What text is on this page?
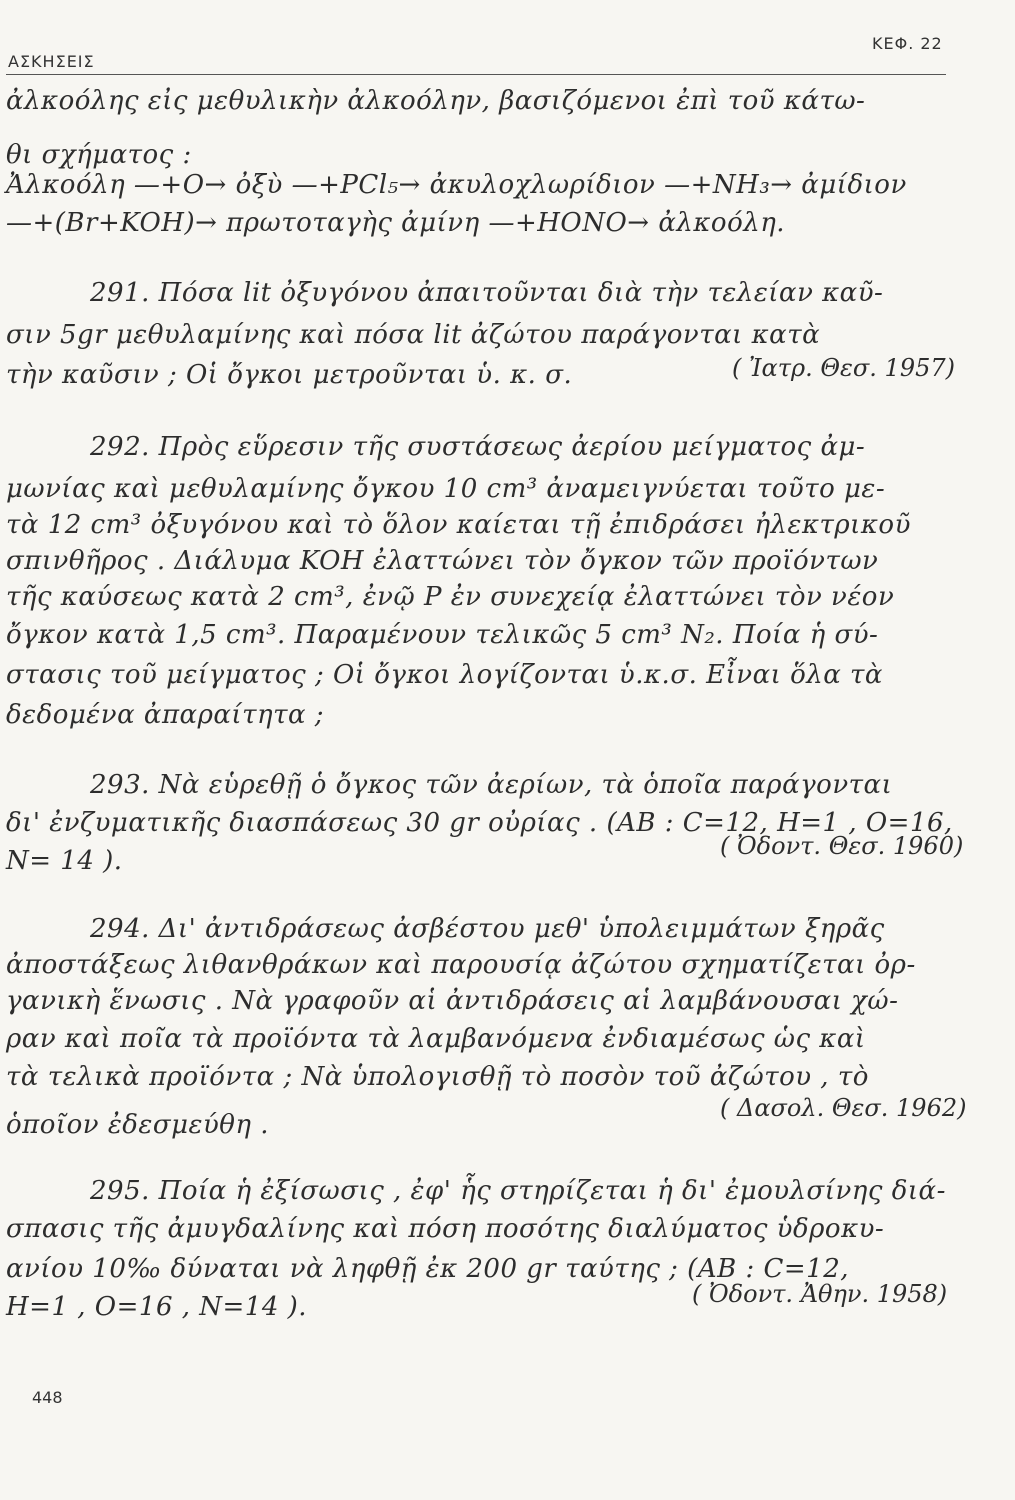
ΑΣΚΗΣΕΙΣ
ΚΕΦ. 22
ἀλκοόλης εἰς μεθυλικὴν ἀλκοόλην, βασιζόμενοι ἐπὶ τοῦ κάτω-
θι σχήματος :
Ἀλκοόλη —+O→ ὀξὺ —+PCl₅→ ἀκυλοχλωρίδιον —+NH₃→ ἀμίδιον
—+(Br+KOH)→ πρωτοταγὴς ἀμίνη —+HONO→ ἀλκοόλη.
291. Πόσα lit ὀξυγόνου ἀπαιτοῦνται διὰ τὴν τελείαν καῦ-
σιν 5gr μεθυλαμίνης καὶ πόσα lit ἀζώτου παράγονται κατὰ
τὴν καῦσιν ; Οἱ ὄγκοι μετροῦνται ὑ. κ. σ.	( Ἰατρ. Θεσ. 1957)
292. Πρὸς εὕρεσιν τῆς συστάσεως ἀερίου μείγματος ἀμ-
μωνίας καὶ μεθυλαμίνης ὄγκου 10 cm³ ἀναμειγνύεται τοῦτο με-
τὰ 12 cm³ ὀξυγόνου καὶ τὸ ὅλον καίεται τῇ ἐπιδράσει ἠλεκτρικοῦ
σπινθῆρος . Διάλυμα KOH ἐλαττώνει τὸν ὄγκον τῶν προϊόντων
τῆς καύσεως κατὰ 2 cm³, ἐνῷ P ἐν συνεχείᾳ ἐλαττώνει τὸν νέον
ὄγκον κατὰ 1,5 cm³. Παραμένουν τελικῶς 5 cm³ N₂. Ποία ἡ σύ-
στασις τοῦ μείγματος ; Οἱ ὄγκοι λογίζονται ὑ.κ.σ. Εἶναι ὅλα τὰ
δεδομένα ἀπαραίτητα ;
293. Νὰ εὑρεθῇ ὁ ὄγκος τῶν ἀερίων, τὰ ὁποῖα παράγονται
δι' ἐνζυματικῆς διασπάσεως 30 gr οὐρίας . (AB : C=12, H=1 , O=16,
N= 14 ).	( Ὀδοντ. Θεσ. 1960)
294. Δι' ἀντιδράσεως ἀσβέστου μεθ' ὑπολειμμάτων ξηρᾶς
ἀποστάξεως λιθανθράκων καὶ παρουσίᾳ ἀζώτου σχηματίζεται ὀρ-
γανικὴ ἕνωσις . Νὰ γραφοῦν αἱ ἀντιδράσεις αἱ λαμβάνουσαι χώ-
ραν καὶ ποῖα τὰ προϊόντα τὰ λαμβανόμενα ἐνδιαμέσως ὡς καὶ
τὰ τελικὰ προϊόντα ; Νὰ ὑπολογισθῇ τὸ ποσὸν τοῦ ἀζώτου , τὸ
ὁποῖον ἐδεσμεύθη .
( Δασολ. Θεσ. 1962)
295. Ποία ἡ ἐξίσωσις , ἐφ' ἧς στηρίζεται ἡ δι' ἐμουλσίνης διά-
σπασις τῆς ἀμυγδαλίνης καὶ πόση ποσότης διαλύματος ὑδροκυ-
ανίου 10‰ δύναται νὰ ληφθῇ ἐκ 200 gr ταύτης ; (AB : C=12,
H=1 , O=16 , N=14 ).	( Ὀδοντ. Ἀθην. 1958)
448
